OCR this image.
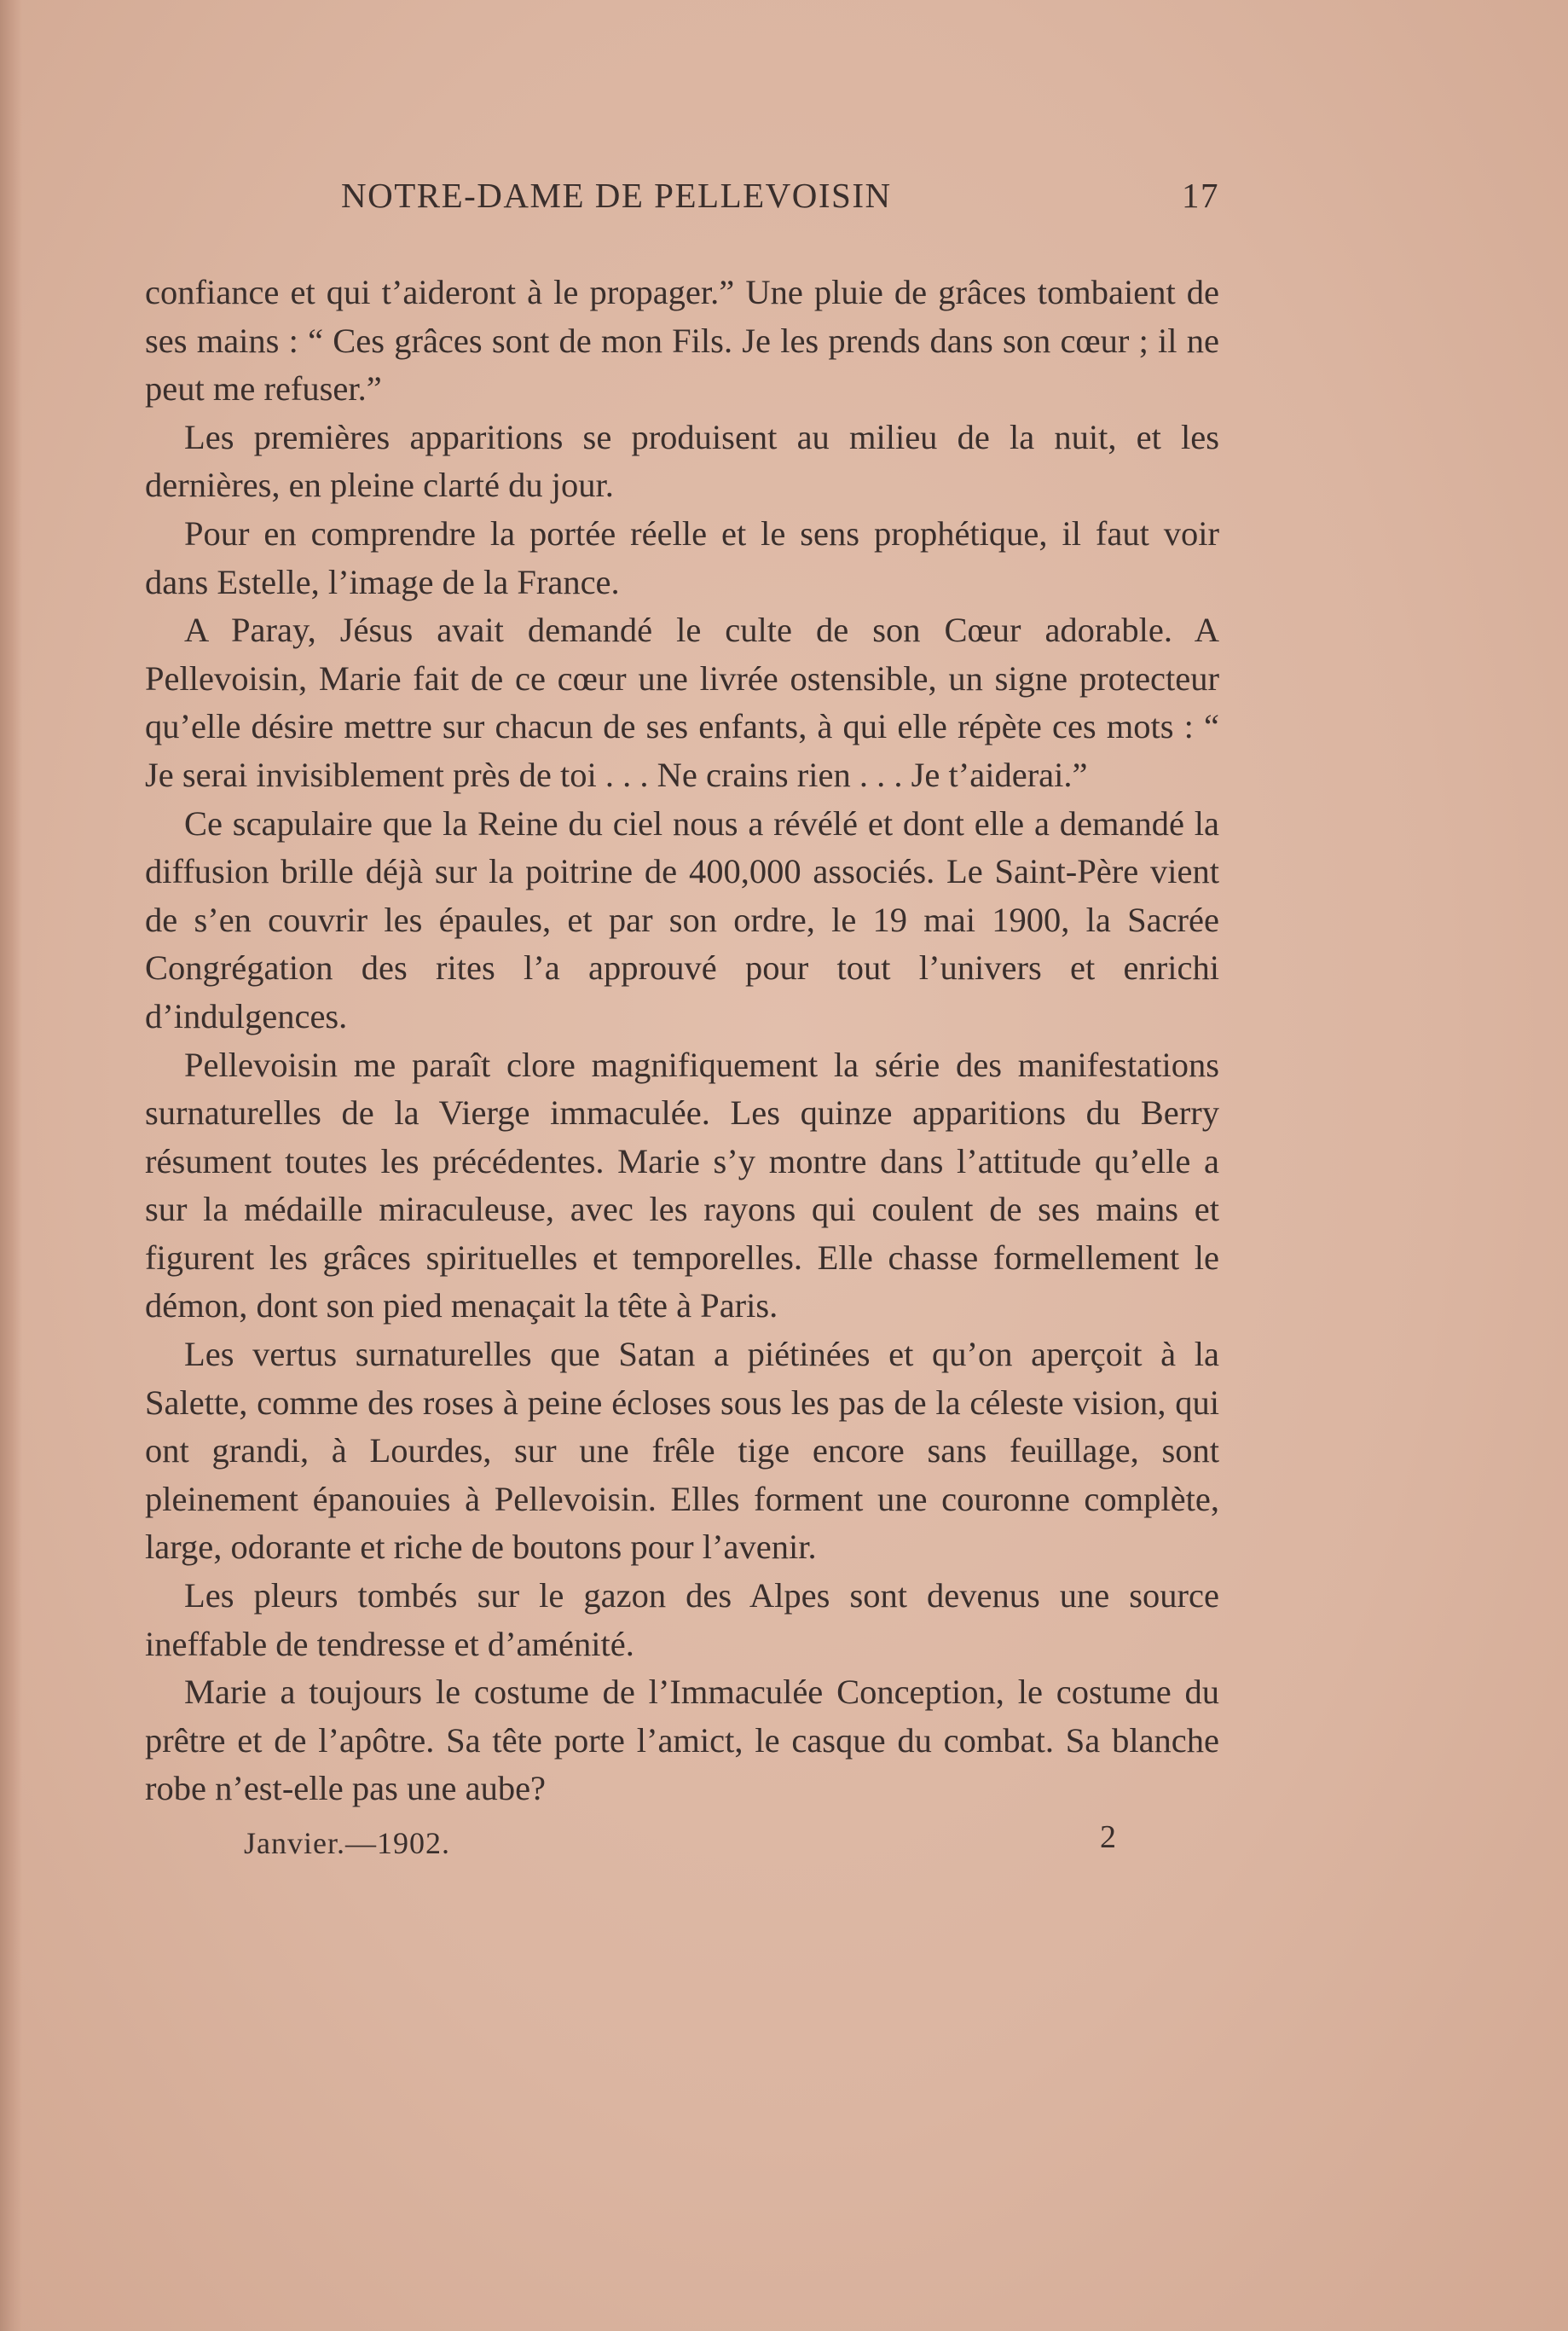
NOTRE-DAME DE PELLEVOISIN	17

confiance et qui t’aideront à le propager.” Une pluie de grâces tombaient de ses mains : “ Ces grâces sont de mon Fils. Je les prends dans son cœur ; il ne peut me refuser.”

Les premières apparitions se produisent au milieu de la nuit, et les dernières, en pleine clarté du jour.

Pour en comprendre la portée réelle et le sens prophétique, il faut voir dans Estelle, l’image de la France.

A Paray, Jésus avait demandé le culte de son Cœur adorable. A Pellevoisin, Marie fait de ce cœur une livrée ostensible, un signe protecteur qu’elle désire mettre sur chacun de ses enfants, à qui elle répète ces mots : “ Je serai invisiblement près de toi . . . Ne crains rien . . . Je t’aiderai.”

Ce scapulaire que la Reine du ciel nous a révélé et dont elle a demandé la diffusion brille déjà sur la poitrine de 400,000 associés. Le Saint-Père vient de s’en couvrir les épaules, et par son ordre, le 19 mai 1900, la Sacrée Congrégation des rites l’a approuvé pour tout l’univers et enrichi d’indulgences.

Pellevoisin me paraît clore magnifiquement la série des manifestations surnaturelles de la Vierge immaculée. Les quinze apparitions du Berry résument toutes les précédentes. Marie s’y montre dans l’attitude qu’elle a sur la médaille miraculeuse, avec les rayons qui coulent de ses mains et figurent les grâces spirituelles et temporelles. Elle chasse formellement le démon, dont son pied menaçait la tête à Paris.

Les vertus surnaturelles que Satan a piétinées et qu’on aperçoit à la Salette, comme des roses à peine écloses sous les pas de la céleste vision, qui ont grandi, à Lourdes, sur une frêle tige encore sans feuillage, sont pleinement épanouies à Pellevoisin. Elles forment une couronne complète, large, odorante et riche de boutons pour l’avenir.

Les pleurs tombés sur le gazon des Alpes sont devenus une source ineffable de tendresse et d’aménité.

Marie a toujours le costume de l’Immaculée Conception, le costume du prêtre et de l’apôtre. Sa tête porte l’amict, le casque du combat. Sa blanche robe n’est-elle pas une aube?

Janvier.—1902.	2
